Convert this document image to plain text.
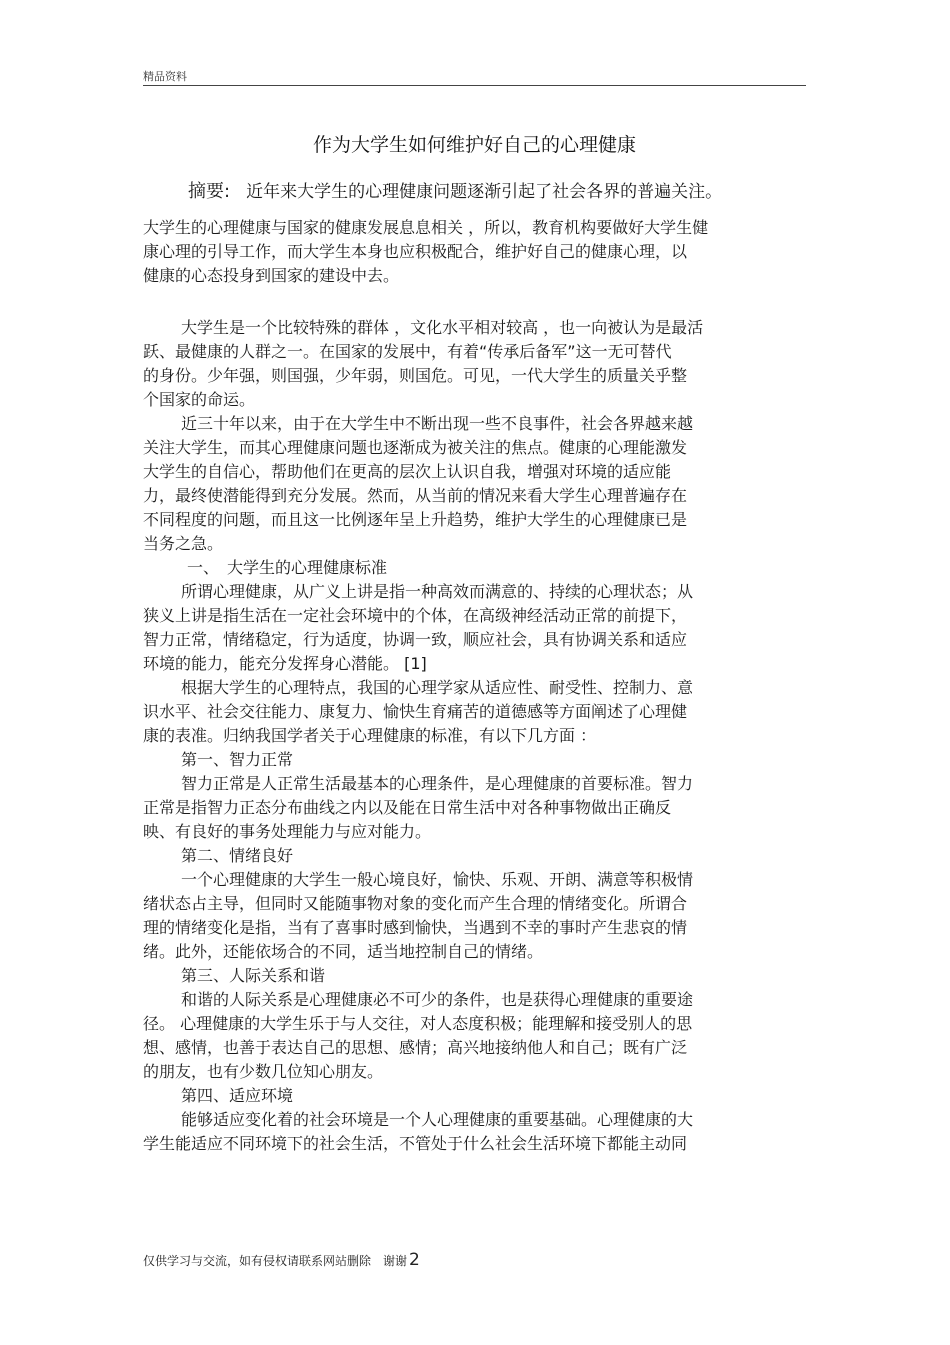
精品资料
作为大学生如何维护好自己的心理健康
摘要: 近年来大学生的心理健康问题逐渐引起了社会各界的普遍关注。
大学生的心理健康与国家的健康发展息息相关 ，所以，教育机构要做好大学生健
康心理的引导工作，而大学生本身也应积极配合，维护好自己的健康心理，以
健康的心态投身到国家的建设中去。
大学生是一个比较特殊的群体 ，文化水平相对较高 ，也一向被认为是最活
跃、最健康的人群之一。在国家的发展中，有着“传承后备军”这一无可替代
的身份。少年强，则国强，少年弱，则国危。可见，一代大学生的质量关乎整
个国家的命运。
近三十年以来，由于在大学生中不断出现一些不良事件，社会各界越来越
关注大学生，而其心理健康问题也逐渐成为被关注的焦点。健康的心理能激发
大学生的自信心，帮助他们在更高的层次上认识自我，增强对环境的适应能
力，最终使潜能得到充分发展。然而，从当前的情况来看大学生心理普遍存在
不同程度的问题，而且这一比例逐年呈上升趋势，维护大学生的心理健康已是
当务之急。
一、　大学生的心理健康标准
所谓心理健康，从广义上讲是指一种高效而满意的、持续的心理状态；从
狭义上讲是指生活在一定社会环境中的个体，在高级神经活动正常的前提下，
智力正常，情绪稳定，行为适度，协调一致，顺应社会，具有协调关系和适应
环境的能力，能充分发挥身心潜能。 [1]
根据大学生的心理特点，我国的心理学家从适应性、耐受性、控制力、意
识水平、社会交往能力、康复力、愉快生育痛苦的道德感等方面阐述了心理健
康的表准。归纳我国学者关于心理健康的标准，有以下几方面 ：
第一、智力正常
智力正常是人正常生活最基本的心理条件，是心理健康的首要标准。智力
正常是指智力正态分布曲线之内以及能在日常生活中对各种事物做出正确反
映、有良好的事务处理能力与应对能力。
第二、情绪良好
一个心理健康的大学生一般心境良好，愉快、乐观、开朗、满意等积极情
绪状态占主导，但同时又能随事物对象的变化而产生合理的情绪变化。所谓合
理的情绪变化是指，当有了喜事时感到愉快，当遇到不幸的事时产生悲哀的情
绪。此外，还能依场合的不同，适当地控制自己的情绪。
第三、人际关系和谐
和谐的人际关系是心理健康必不可少的条件，也是获得心理健康的重要途
径。 心理健康的大学生乐于与人交往，对人态度积极；能理解和接受别人的思
想、感情，也善于表达自己的思想、感情；高兴地接纳他人和自己；既有广泛
的朋友，也有少数几位知心朋友。
第四、适应环境
能够适应变化着的社会环境是一个人心理健康的重要基础。心理健康的大
学生能适应不同环境下的社会生活，不管处于什么社会生活环境下都能主动同
仅供学习与交流，如有侵权请联系网站删除　谢谢 2
